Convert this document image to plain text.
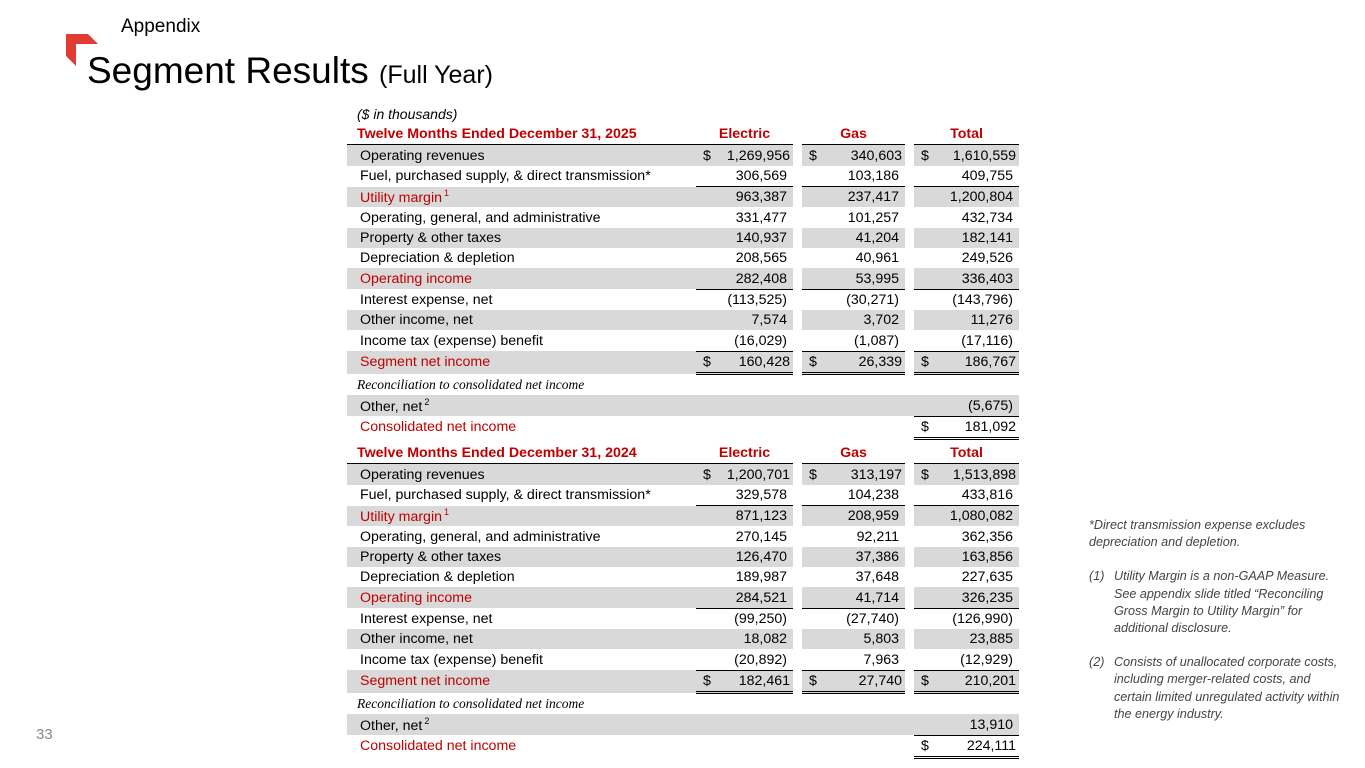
Appendix
Segment Results (Full Year)
($ in thousands)
Twelve Months Ended December 31, 2025	Electric		Gas		Total
Operating revenues	$ 1,269,956		$ 340,603		$ 1,610,559
Fuel, purchased supply, & direct transmission*	306,569		103,186		409,755
Utility margin $^1$	963,387		237,417		1,200,804
Operating, general, and administrative	331,477		101,257		432,734
Property & other taxes	140,937		41,204		182,141
Depreciation & depletion	208,565		40,961		249,526
Operating income	282,408		53,995		336,403
Interest expense, net	(113,525)		(30,271)		(143,796)
Other income, net	7,574		3,702		11,276
Income tax (expense) benefit	(16,029)		(1,087)		(17,116)
Segment net income	$ 160,428		$ 26,339		$ 186,767
Reconciliation to consolidated net income					
Other, net $^2$					(5,675)
Consolidated net income					$ 181,092
Twelve Months Ended December 31, 2024	Electric		Gas		Total
Operating revenues	$ 1,200,701		$ 313,197		$ 1,513,898
Fuel, purchased supply, & direct transmission*	329,578		104,238		433,816
Utility margin $^1$	871,123		208,959		1,080,082
Operating, general, and administrative	270,145		92,211		362,356
Property & other taxes	126,470		37,386		163,856
Depreciation & depletion	189,987		37,648		227,635
Operating income	284,521		41,714		326,235
Interest expense, net	(99,250)		(27,740)		(126,990)
Other income, net	18,082		5,803		23,885
Income tax (expense) benefit	(20,892)		7,963		(12,929)
Segment net income	$ 182,461		$ 27,740		$ 210,201
Reconciliation to consolidated net income					
Other, net $^2$					13,910
Consolidated net income					$ 224,111
33

*Direct transmission expense excludes depreciation and depletion.

(1) Utility Margin is a non-GAAP Measure. See appendix slide titled “Reconciling Gross Margin to Utility Margin” for additional disclosure.
(2) Consists of unallocated corporate costs, including merger-related costs, and certain limited unregulated activity within the energy industry.
